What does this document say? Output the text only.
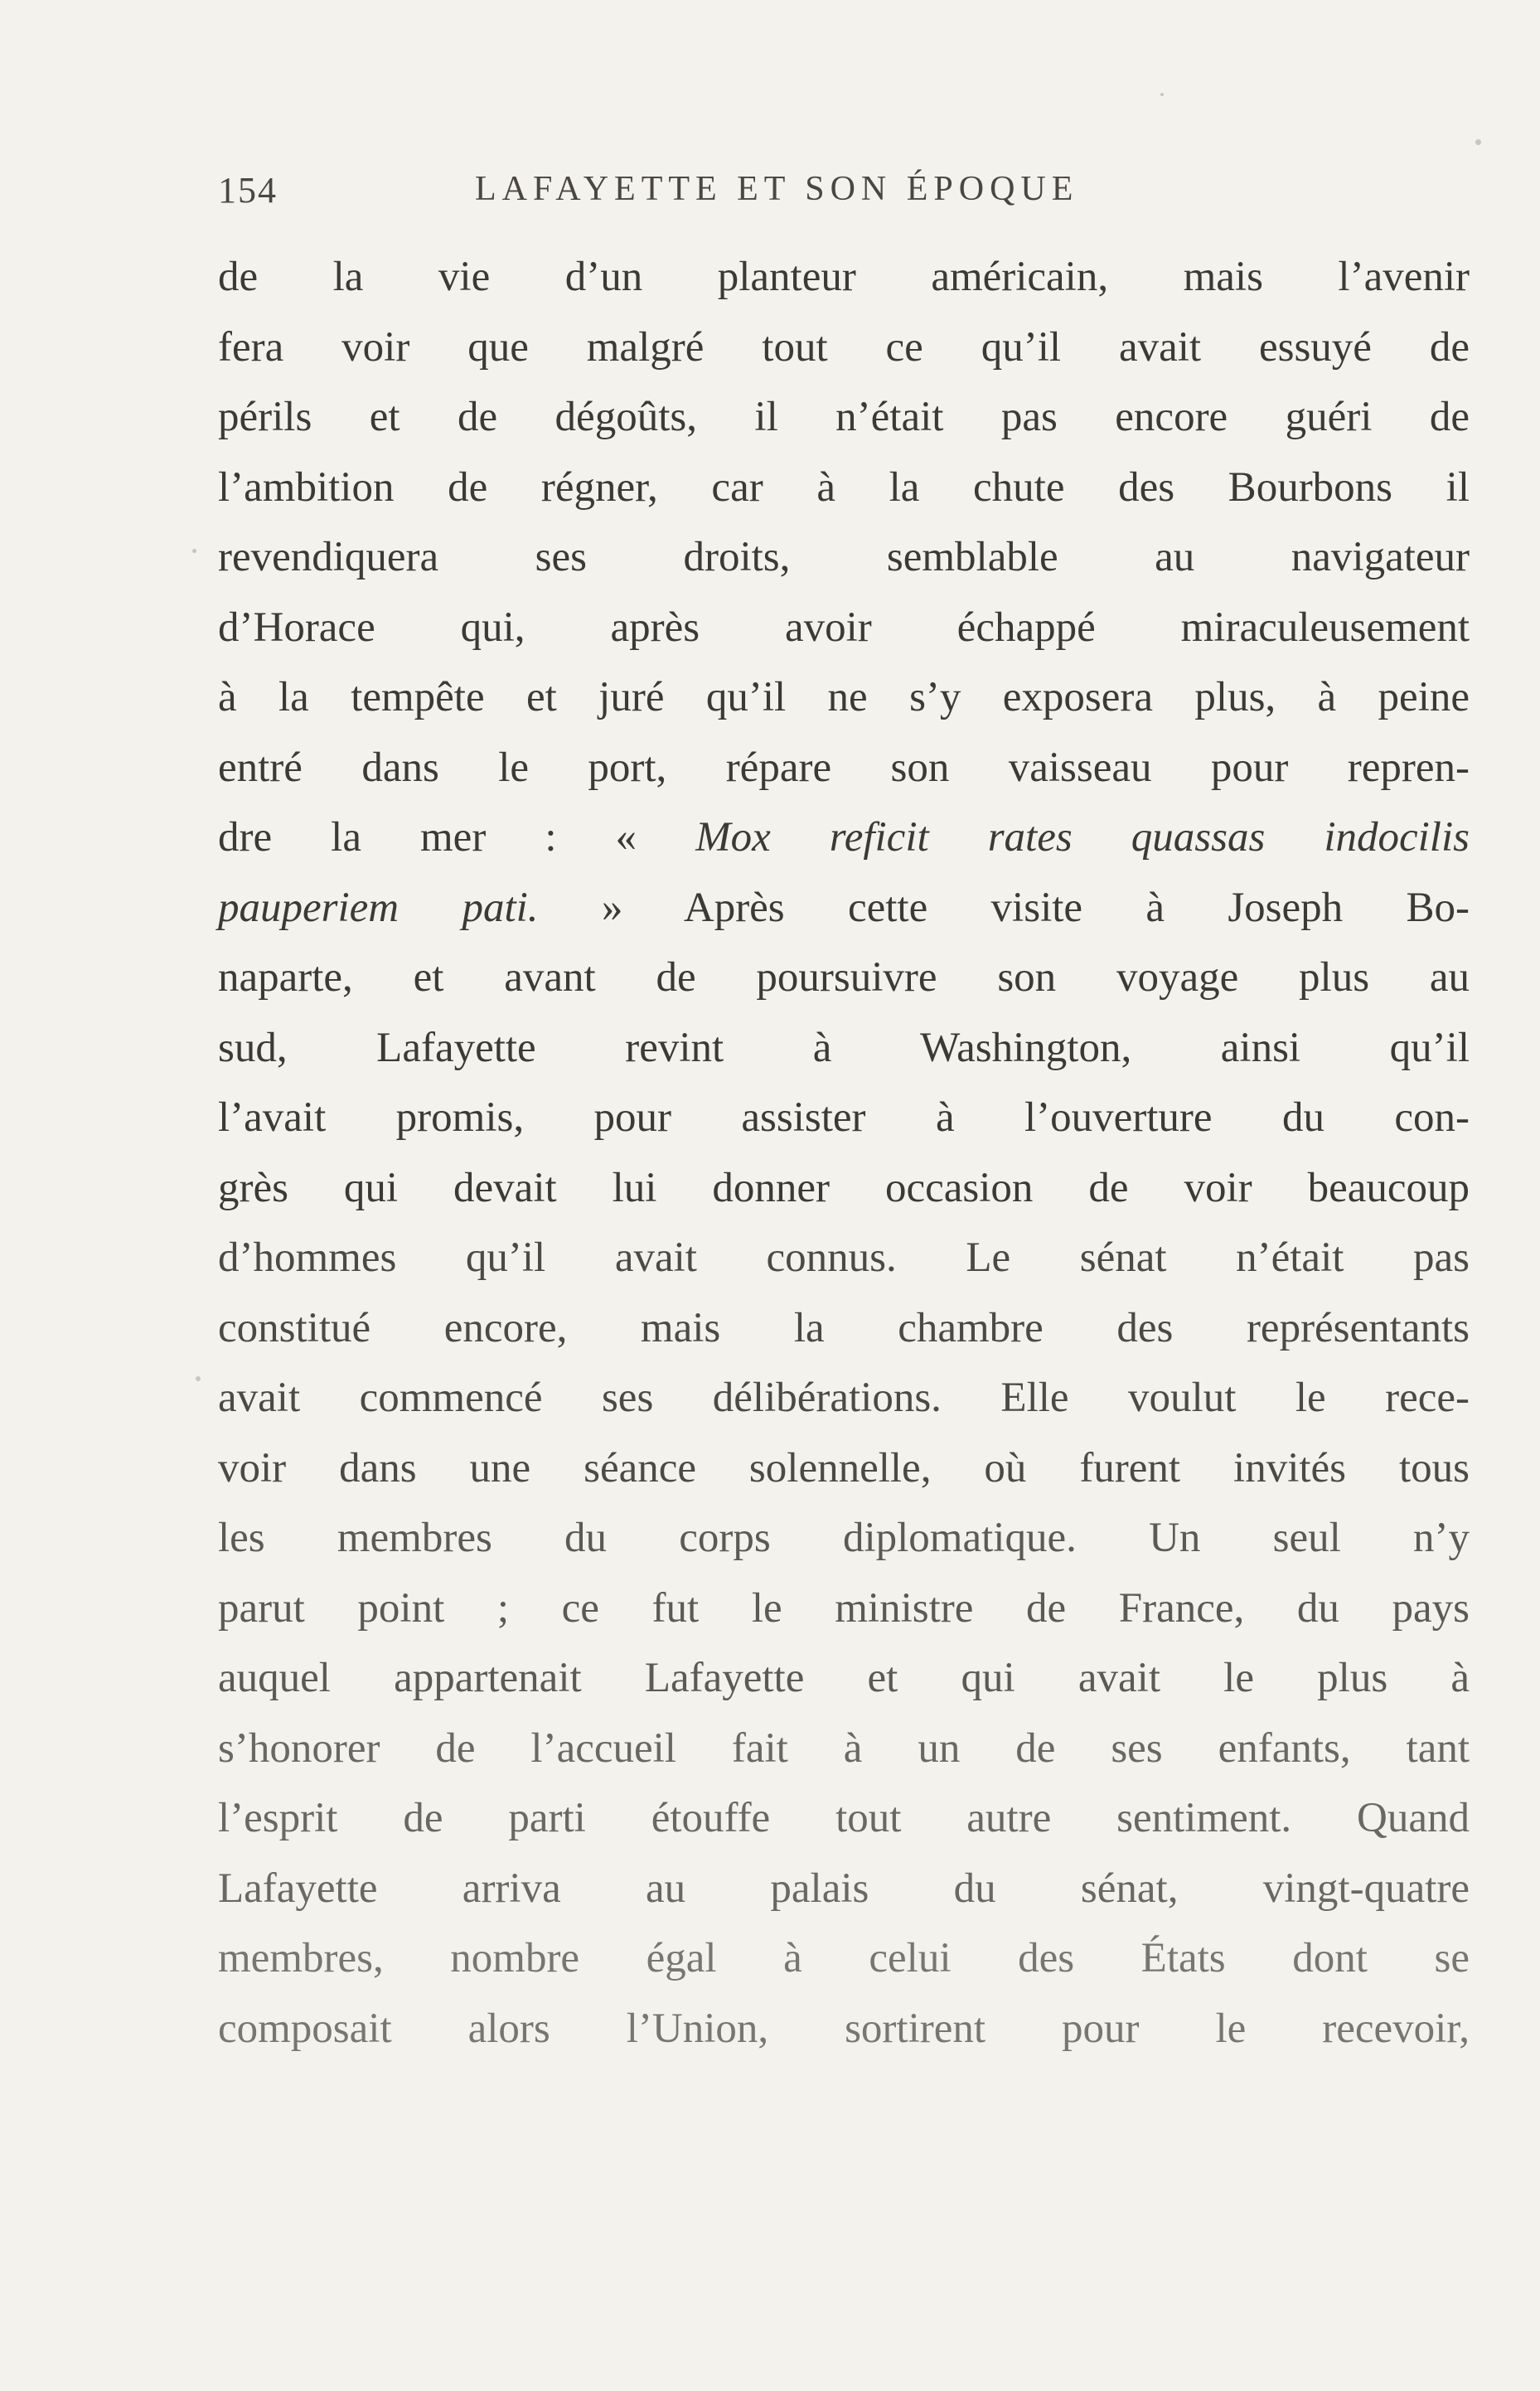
154	LAFAYETTE ET SON ÉPOQUE
de la vie d’un planteur américain, mais l’avenir
fera voir que malgré tout ce qu’il avait essuyé de
périls et de dégoûts, il n’était pas encore guéri de
l’ambition de régner, car à la chute des Bourbons il
revendiquera ses droits, semblable au navigateur
d’Horace qui, après avoir échappé miraculeusement
à la tempête et juré qu’il ne s’y exposera plus, à peine
entré dans le port, répare son vaisseau pour repren-
dre la mer : « Mox reficit rates quassas indocilis
pauperiem pati. » Après cette visite à Joseph Bo-
naparte, et avant de poursuivre son voyage plus au
sud, Lafayette revint à Washington, ainsi qu’il
l’avait promis, pour assister à l’ouverture du con-
grès qui devait lui donner occasion de voir beaucoup
d’hommes qu’il avait connus. Le sénat n’était pas
constitué encore, mais la chambre des représentants
avait commencé ses délibérations. Elle voulut le rece-
voir dans une séance solennelle, où furent invités tous
les membres du corps diplomatique. Un seul n’y
parut point ; ce fut le ministre de France, du pays
auquel appartenait Lafayette et qui avait le plus à
s’honorer de l’accueil fait à un de ses enfants, tant
l’esprit de parti étouffe tout autre sentiment. Quand
Lafayette arriva au palais du sénat, vingt-quatre
membres, nombre égal à celui des États dont se
composait alors l’Union, sortirent pour le recevoir,
